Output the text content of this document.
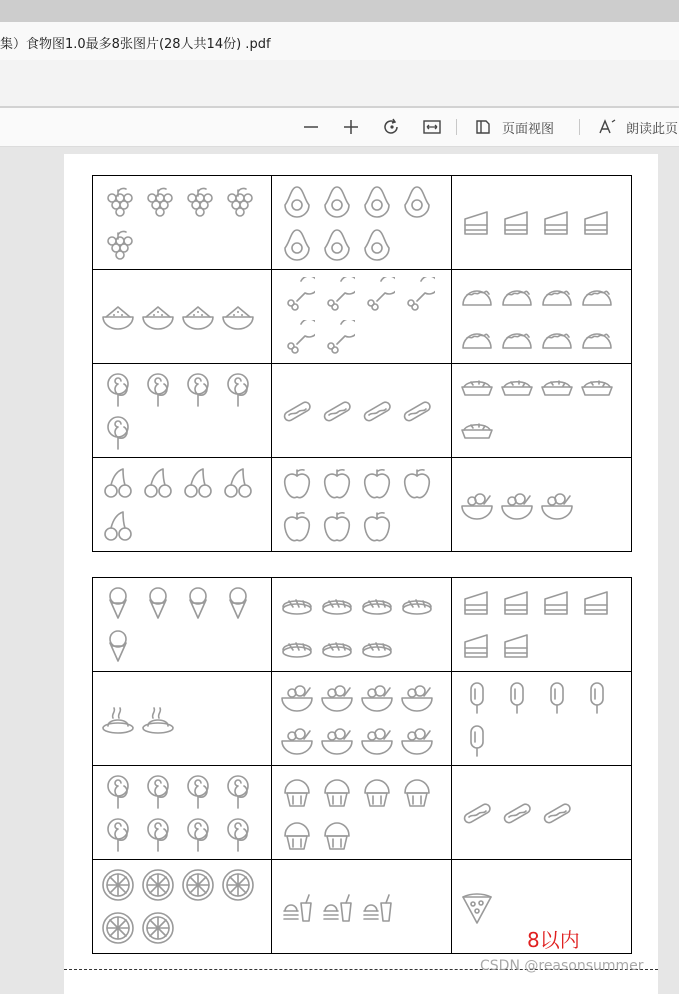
集）食物图1.0最多8张图片(28人共14份) .pdf
页面视图	朗读此页

8以内
CSDN @reasonsummer
